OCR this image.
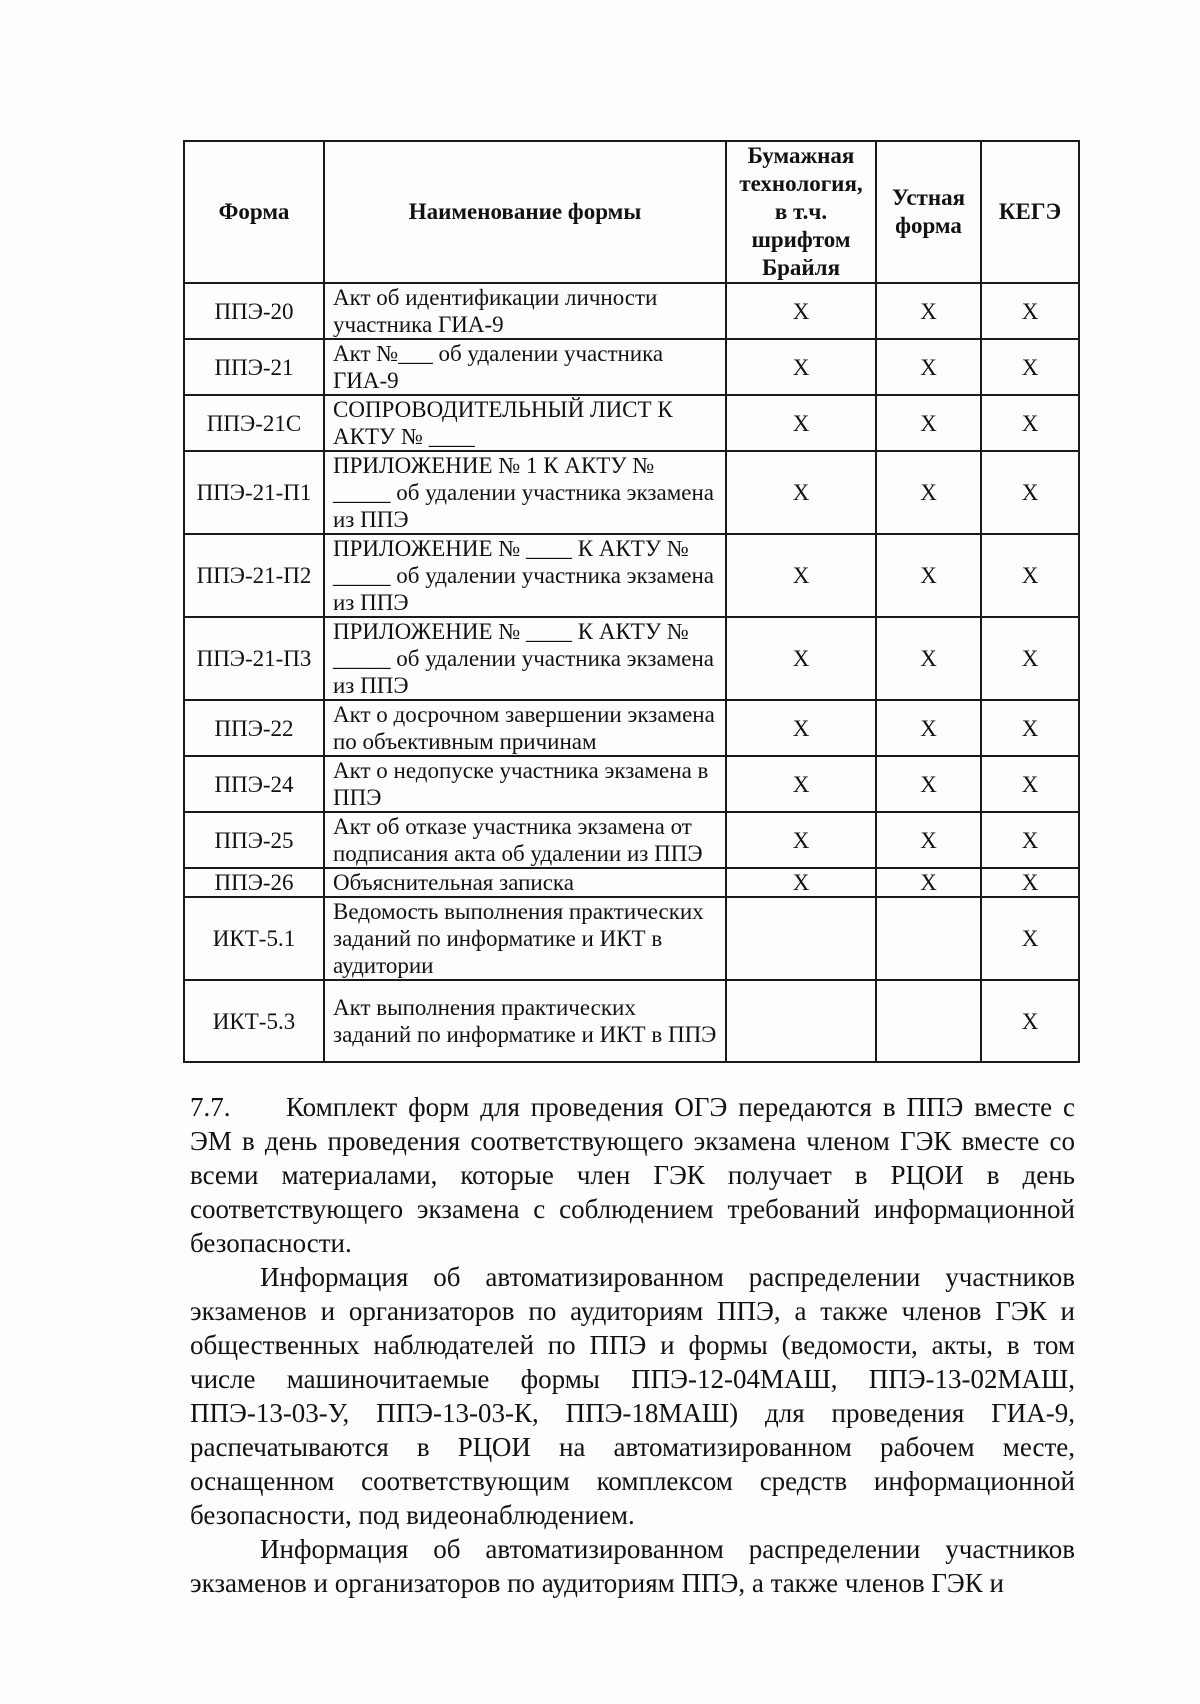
Форма	Наименование формы	Бумажная технология, в т.ч. шрифтом Брайля	Устная форма	КЕГЭ
ППЭ-20	Акт об идентификации личности участника ГИА-9	X	X	X
ППЭ-21	Акт №___ об удалении участника ГИА-9	X	X	X
ППЭ-21С	СОПРОВОДИТЕЛЬНЫЙ ЛИСТ К АКТУ № ____	X	X	X
ППЭ-21-П1	ПРИЛОЖЕНИЕ № 1 К АКТУ № _____ об удалении участника экзамена из ППЭ	X	X	X
ППЭ-21-П2	ПРИЛОЖЕНИЕ № ____ К АКТУ № _____ об удалении участника экзамена из ППЭ	X	X	X
ППЭ-21-П3	ПРИЛОЖЕНИЕ № ____ К АКТУ № _____ об удалении участника экзамена из ППЭ	X	X	X
ППЭ-22	Акт о досрочном завершении экзамена по объективным причинам	X	X	X
ППЭ-24	Акт о недопуске участника экзамена в ППЭ	X	X	X
ППЭ-25	Акт об отказе участника экзамена от подписания акта об удалении из ППЭ	X	X	X
ППЭ-26	Объяснительная записка	X	X	X
ИКТ-5.1	Ведомость выполнения практических заданий по информатике и ИКТ в аудитории			X
ИКТ-5.3	Акт выполнения практических заданий по информатике и ИКТ в ППЭ			X

7.7. Комплект форм для проведения ОГЭ передаются в ППЭ вместе с ЭМ в день проведения соответствующего экзамена членом ГЭК вместе со всеми материалами, которые член ГЭК получает в РЦОИ в день соответствующего экзамена с соблюдением требований информационной безопасности.

Информация об автоматизированном распределении участников экзаменов и организаторов по аудиториям ППЭ, а также членов ГЭК и общественных наблюдателей по ППЭ и формы (ведомости, акты, в том числе машиночитаемые формы ППЭ-12-04МАШ, ППЭ-13-02МАШ, ППЭ-13-03-У, ППЭ-13-03-К, ППЭ-18МАШ) для проведения ГИА-9, распечатываются в РЦОИ на автоматизированном рабочем месте, оснащенном соответствующим комплексом средств информационной безопасности, под видеонаблюдением.

Информация об автоматизированном распределении участников экзаменов и организаторов по аудиториям ППЭ, а также членов ГЭК и
